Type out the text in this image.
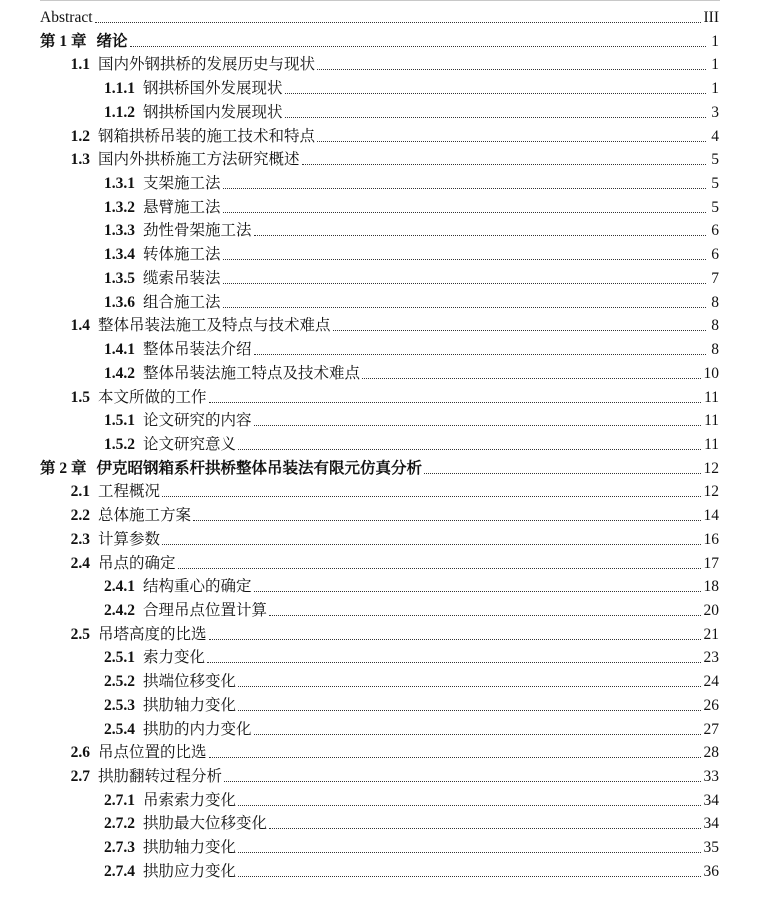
Abstract	III
第 1 章 绪论	1
1.1 国内外钢拱桥的发展历史与现状	1
1.1.1 钢拱桥国外发展现状	1
1.1.2 钢拱桥国内发展现状	3
1.2 钢箱拱桥吊装的施工技术和特点	4
1.3 国内外拱桥施工方法研究概述	5
1.3.1 支架施工法	5
1.3.2 悬臂施工法	5
1.3.3 劲性骨架施工法	6
1.3.4 转体施工法	6
1.3.5 缆索吊装法	7
1.3.6 组合施工法	8
1.4 整体吊装法施工及特点与技术难点	8
1.4.1 整体吊装法介绍	8
1.4.2 整体吊装法施工特点及技术难点	10
1.5 本文所做的工作	11
1.5.1 论文研究的内容	11
1.5.2 论文研究意义	11
第 2 章 伊克昭钢箱系杆拱桥整体吊装法有限元仿真分析	12
2.1 工程概况	12
2.2 总体施工方案	14
2.3 计算参数	16
2.4 吊点的确定	17
2.4.1 结构重心的确定	18
2.4.2 合理吊点位置计算	20
2.5 吊塔高度的比选	21
2.5.1 索力变化	23
2.5.2 拱端位移变化	24
2.5.3 拱肋轴力变化	26
2.5.4 拱肋的内力变化	27
2.6 吊点位置的比选	28
2.7 拱肋翻转过程分析	33
2.7.1 吊索索力变化	34
2.7.2 拱肋最大位移变化	34
2.7.3 拱肋轴力变化	35
2.7.4 拱肋应力变化	36
